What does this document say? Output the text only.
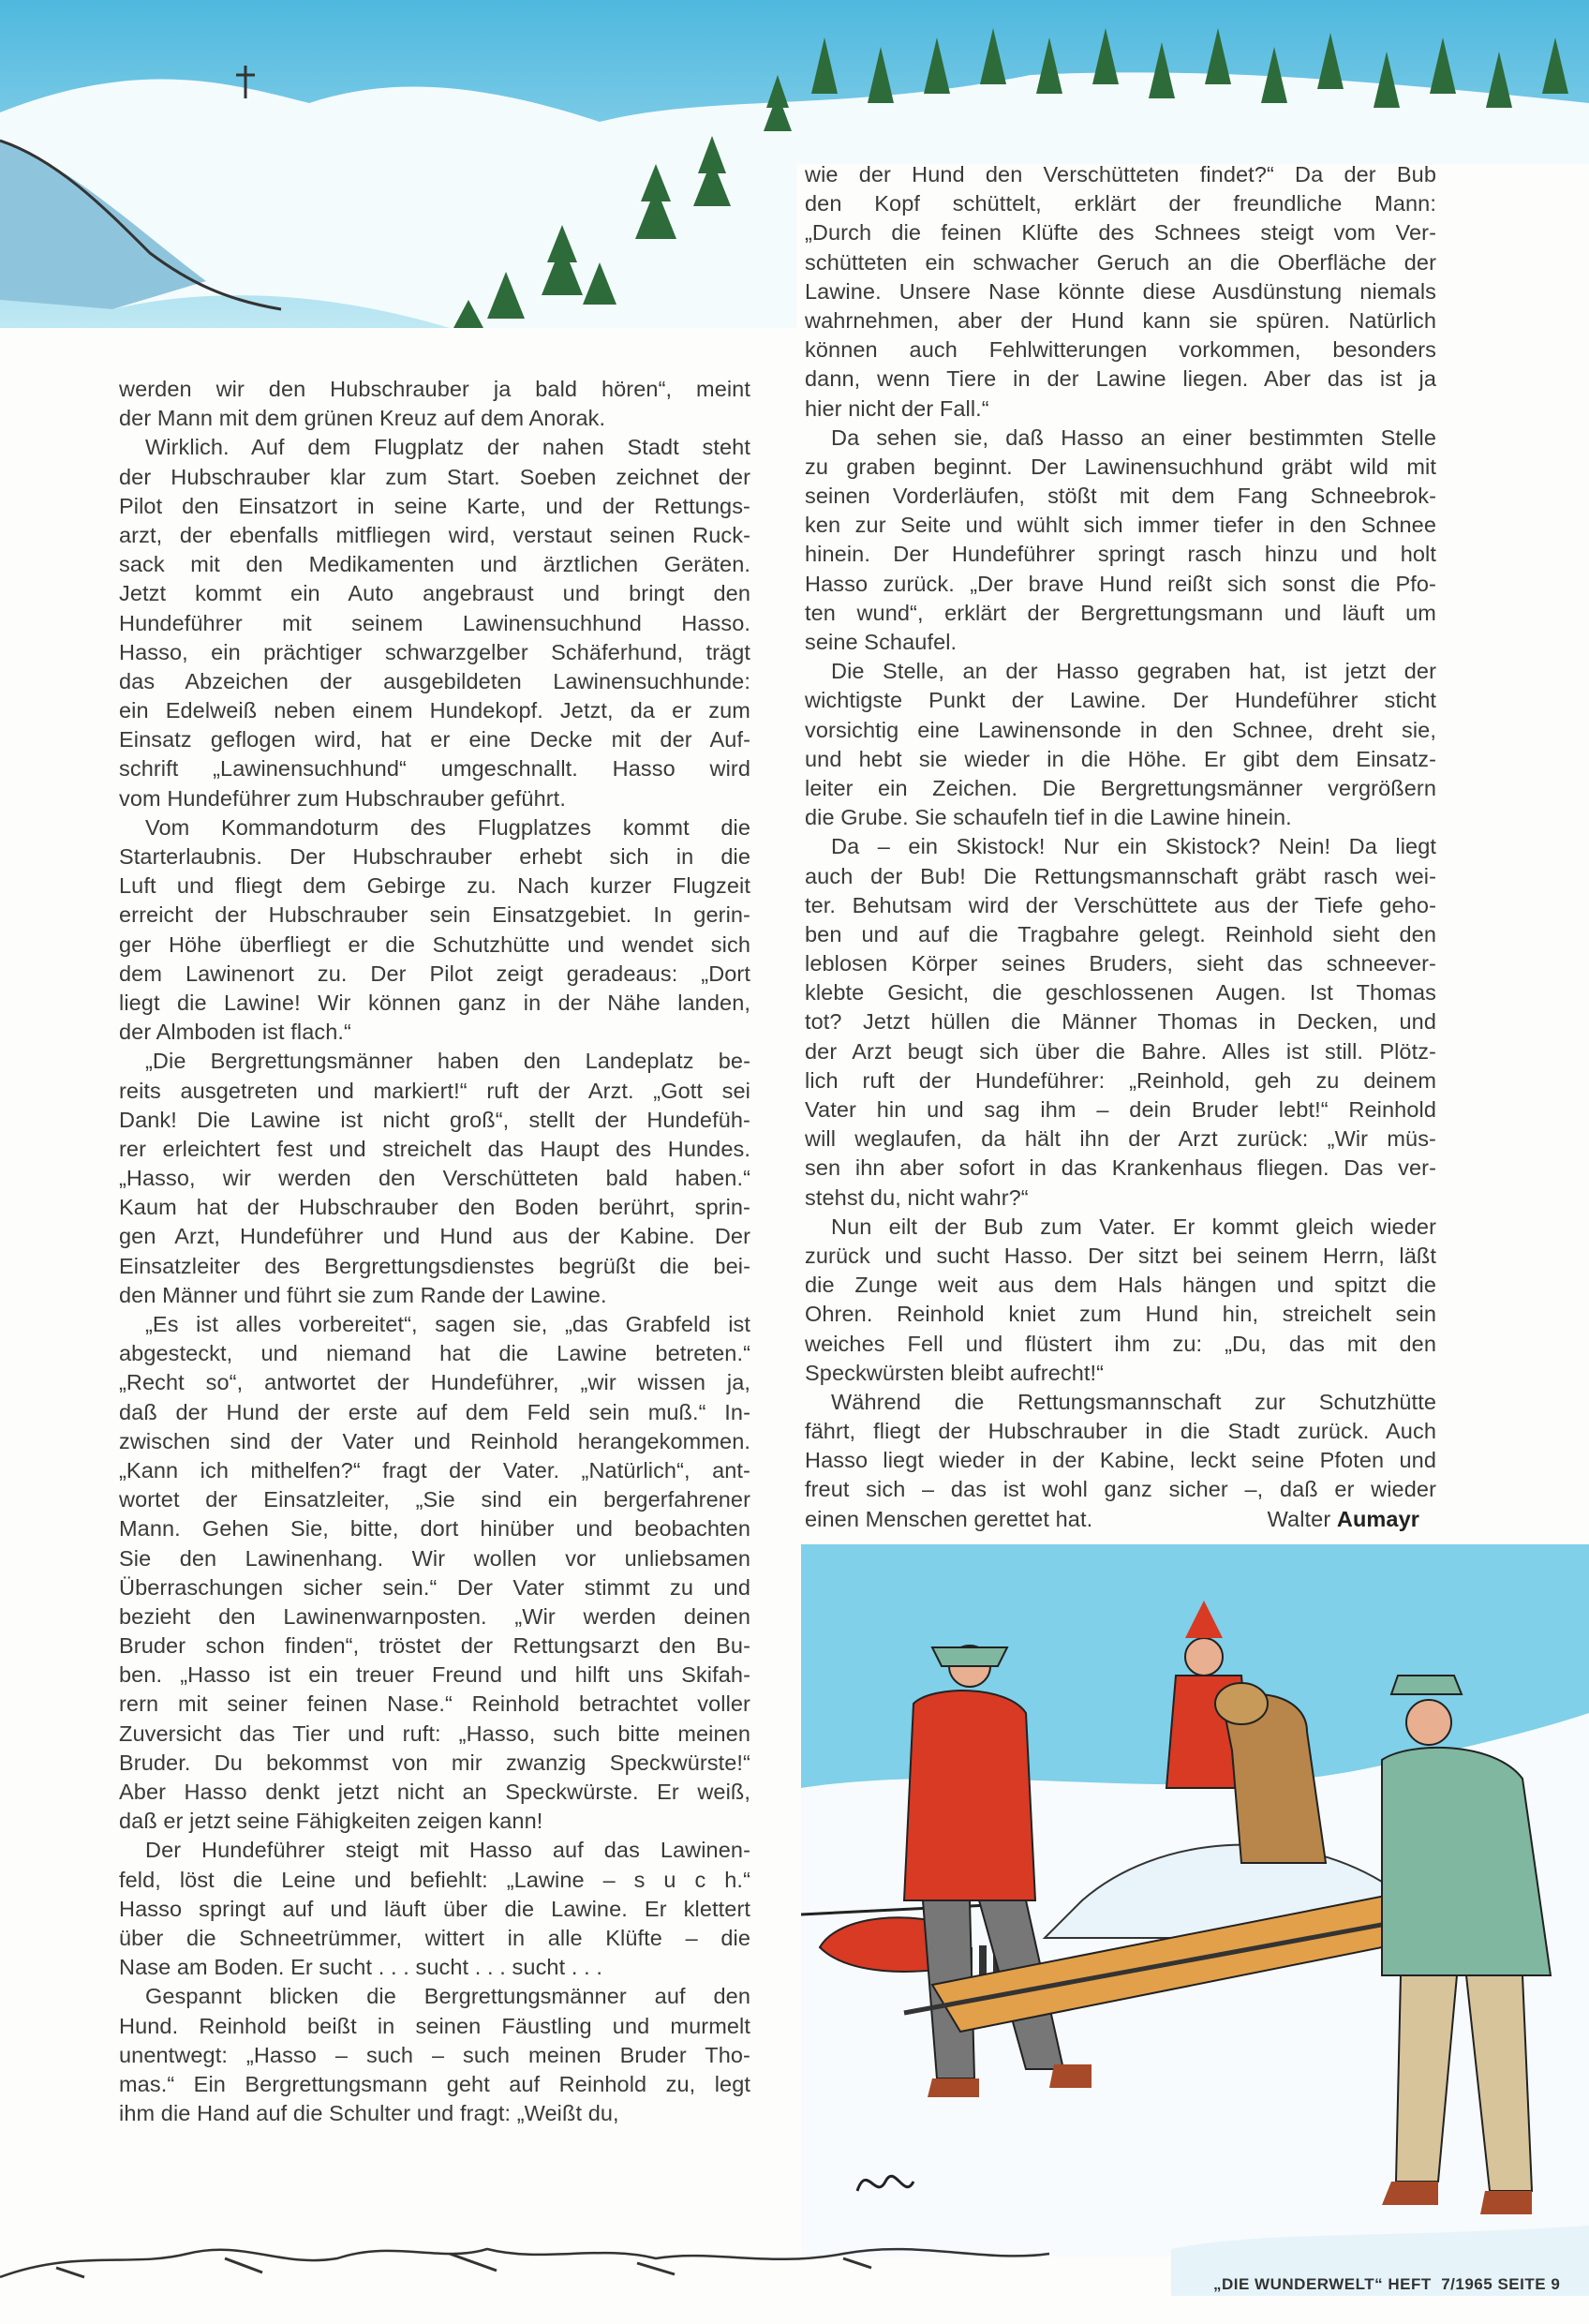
werden wir den Hubschrauber ja bald hören“, meint
der Mann mit dem grünen Kreuz auf dem Anorak.
Wirklich. Auf dem Flugplatz der nahen Stadt steht
der Hubschrauber klar zum Start. Soeben zeichnet der
Pilot den Einsatzort in seine Karte, und der Rettungs-
arzt, der ebenfalls mitfliegen wird, verstaut seinen Ruck-
sack mit den Medikamenten und ärztlichen Geräten.
Jetzt kommt ein Auto angebraust und bringt den
Hundeführer mit seinem Lawinensuchhund Hasso.
Hasso, ein prächtiger schwarzgelber Schäferhund, trägt
das Abzeichen der ausgebildeten Lawinensuchhunde:
ein Edelweiß neben einem Hundekopf. Jetzt, da er zum
Einsatz geflogen wird, hat er eine Decke mit der Auf-
schrift „Lawinensuchhund“ umgeschnallt. Hasso wird
vom Hundeführer zum Hubschrauber geführt.
Vom Kommandoturm des Flugplatzes kommt die
Starterlaubnis. Der Hubschrauber erhebt sich in die
Luft und fliegt dem Gebirge zu. Nach kurzer Flugzeit
erreicht der Hubschrauber sein Einsatzgebiet. In gerin-
ger Höhe überfliegt er die Schutzhütte und wendet sich
dem Lawinenort zu. Der Pilot zeigt geradeaus: „Dort
liegt die Lawine! Wir können ganz in der Nähe landen,
der Almboden ist flach.“
„Die Bergrettungsmänner haben den Landeplatz be-
reits ausgetreten und markiert!“ ruft der Arzt. „Gott sei
Dank! Die Lawine ist nicht groß“, stellt der Hundefüh-
rer erleichtert fest und streichelt das Haupt des Hundes.
„Hasso, wir werden den Verschütteten bald haben.“
Kaum hat der Hubschrauber den Boden berührt, sprin-
gen Arzt, Hundeführer und Hund aus der Kabine. Der
Einsatzleiter des Bergrettungsdienstes begrüßt die bei-
den Männer und führt sie zum Rande der Lawine.
„Es ist alles vorbereitet“, sagen sie, „das Grabfeld ist
abgesteckt, und niemand hat die Lawine betreten.“
„Recht so“, antwortet der Hundeführer, „wir wissen ja,
daß der Hund der erste auf dem Feld sein muß.“ In-
zwischen sind der Vater und Reinhold herangekommen.
„Kann ich mithelfen?“ fragt der Vater. „Natürlich“, ant-
wortet der Einsatzleiter, „Sie sind ein bergerfahrener
Mann. Gehen Sie, bitte, dort hinüber und beobachten
Sie den Lawinenhang. Wir wollen vor unliebsamen
Überraschungen sicher sein.“ Der Vater stimmt zu und
bezieht den Lawinenwarnposten. „Wir werden deinen
Bruder schon finden“, tröstet der Rettungsarzt den Bu-
ben. „Hasso ist ein treuer Freund und hilft uns Skifah-
rern mit seiner feinen Nase.“ Reinhold betrachtet voller
Zuversicht das Tier und ruft: „Hasso, such bitte meinen
Bruder. Du bekommst von mir zwanzig Speckwürste!“
Aber Hasso denkt jetzt nicht an Speckwürste. Er weiß,
daß er jetzt seine Fähigkeiten zeigen kann!
Der Hundeführer steigt mit Hasso auf das Lawinen-
feld, löst die Leine und befiehlt: „Lawine – s u c h.“
Hasso springt auf und läuft über die Lawine. Er klettert
über die Schneetrümmer, wittert in alle Klüfte – die
Nase am Boden. Er sucht . . . sucht . . . sucht . . .
Gespannt blicken die Bergrettungsmänner auf den
Hund. Reinhold beißt in seinen Fäustling und murmelt
unentwegt: „Hasso – such – such meinen Bruder Tho-
mas.“ Ein Bergrettungsmann geht auf Reinhold zu, legt
ihm die Hand auf die Schulter und fragt: „Weißt du,
wie der Hund den Verschütteten findet?“ Da der Bub
den Kopf schüttelt, erklärt der freundliche Mann:
„Durch die feinen Klüfte des Schnees steigt vom Ver-
schütteten ein schwacher Geruch an die Oberfläche der
Lawine. Unsere Nase könnte diese Ausdünstung niemals
wahrnehmen, aber der Hund kann sie spüren. Natürlich
können auch Fehlwitterungen vorkommen, besonders
dann, wenn Tiere in der Lawine liegen. Aber das ist ja
hier nicht der Fall.“
Da sehen sie, daß Hasso an einer bestimmten Stelle
zu graben beginnt. Der Lawinensuchhund gräbt wild mit
seinen Vorderläufen, stößt mit dem Fang Schneebrok-
ken zur Seite und wühlt sich immer tiefer in den Schnee
hinein. Der Hundeführer springt rasch hinzu und holt
Hasso zurück. „Der brave Hund reißt sich sonst die Pfo-
ten wund“, erklärt der Bergrettungsmann und läuft um
seine Schaufel.
Die Stelle, an der Hasso gegraben hat, ist jetzt der
wichtigste Punkt der Lawine. Der Hundeführer sticht
vorsichtig eine Lawinensonde in den Schnee, dreht sie,
und hebt sie wieder in die Höhe. Er gibt dem Einsatz-
leiter ein Zeichen. Die Bergrettungsmänner vergrößern
die Grube. Sie schaufeln tief in die Lawine hinein.
Da – ein Skistock! Nur ein Skistock? Nein! Da liegt
auch der Bub! Die Rettungsmannschaft gräbt rasch wei-
ter. Behutsam wird der Verschüttete aus der Tiefe geho-
ben und auf die Tragbahre gelegt. Reinhold sieht den
leblosen Körper seines Bruders, sieht das schneever-
klebte Gesicht, die geschlossenen Augen. Ist Thomas
tot? Jetzt hüllen die Männer Thomas in Decken, und
der Arzt beugt sich über die Bahre. Alles ist still. Plötz-
lich ruft der Hundeführer: „Reinhold, geh zu deinem
Vater hin und sag ihm – dein Bruder lebt!“ Reinhold
will weglaufen, da hält ihn der Arzt zurück: „Wir müs-
sen ihn aber sofort in das Krankenhaus fliegen. Das ver-
stehst du, nicht wahr?“
Nun eilt der Bub zum Vater. Er kommt gleich wieder
zurück und sucht Hasso. Der sitzt bei seinem Herrn, läßt
die Zunge weit aus dem Hals hängen und spitzt die
Ohren. Reinhold kniet zum Hund hin, streichelt sein
weiches Fell und flüstert ihm zu: „Du, das mit den
Speckwürsten bleibt aufrecht!“
Während die Rettungsmannschaft zur Schutzhütte
fährt, fliegt der Hubschrauber in die Stadt zurück. Auch
Hasso liegt wieder in der Kabine, leckt seine Pfoten und
freut sich – das ist wohl ganz sicher –, daß er wieder
einen Menschen gerettet hat.	Walter Aumayr
„DIE WUNDERWELT“ HEFT 7/1965 SEITE 9
